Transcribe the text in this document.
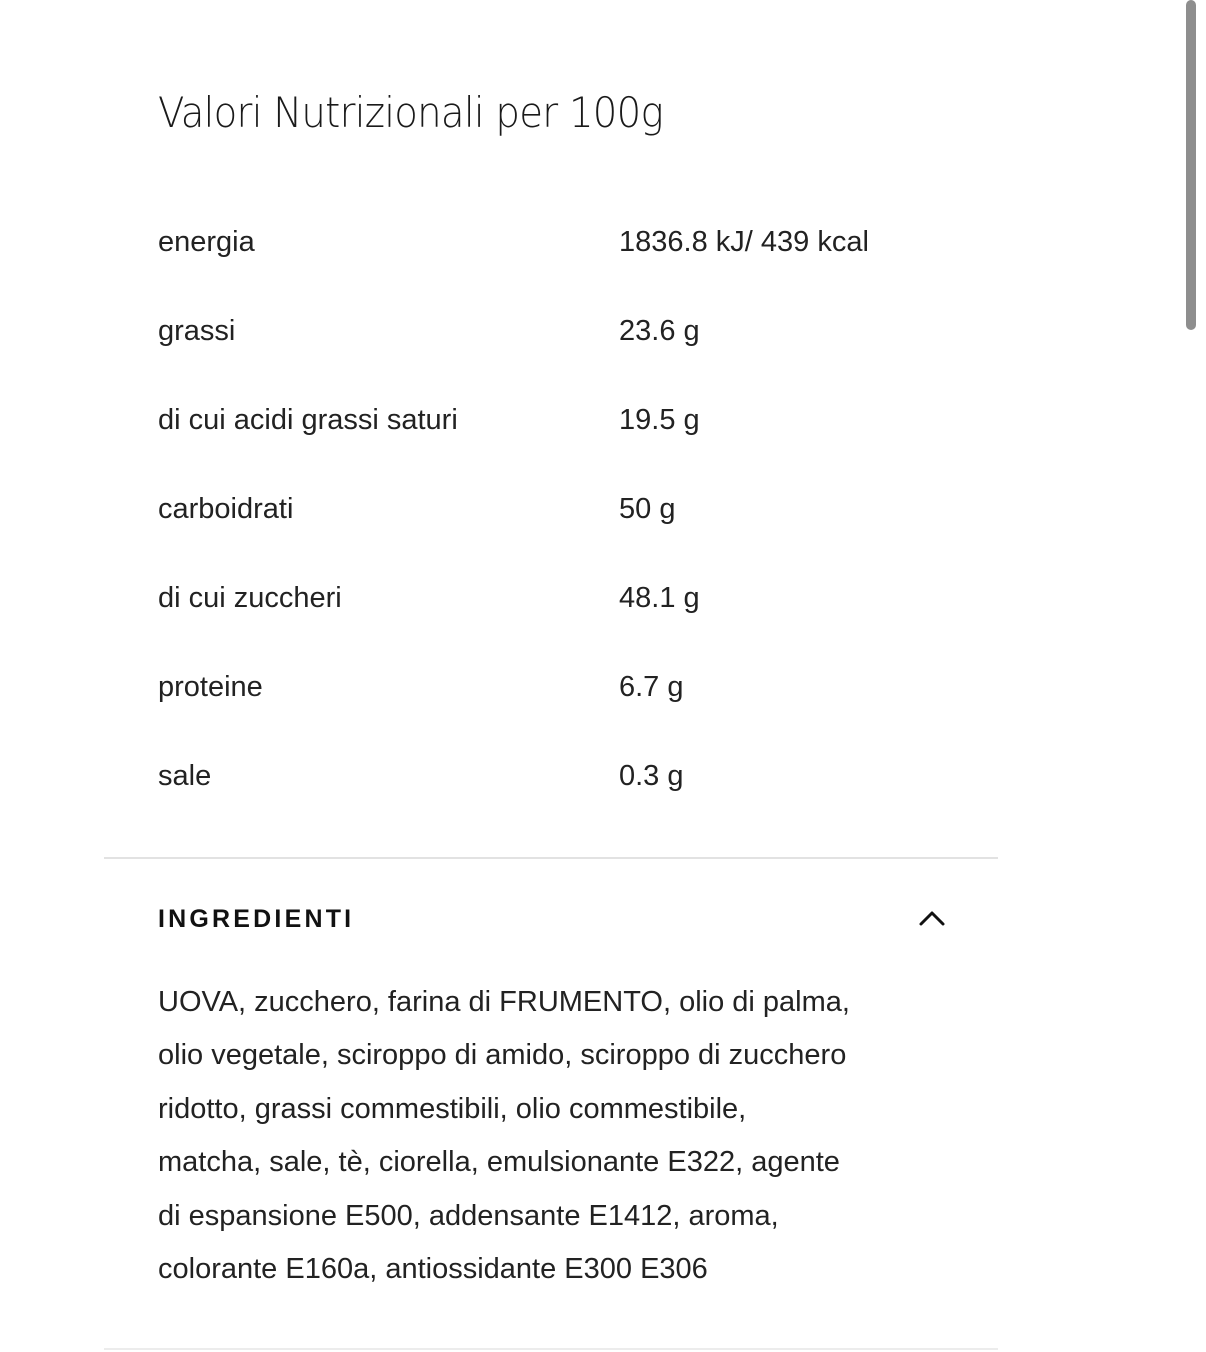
Valori Nutrizionali per 100g
energia	1836.8 kJ/ 439 kcal
grassi	23.6 g
di cui acidi grassi saturi	19.5 g
carboidrati	50 g
di cui zuccheri	48.1 g
proteine	6.7 g
sale	0.3 g
INGREDIENTI

UOVA, zucchero, farina di FRUMENTO, olio di palma,
olio vegetale, sciroppo di amido, sciroppo di zucchero
ridotto, grassi commestibili, olio commestibile,
matcha, sale, tè, ciorella, emulsionante E322, agente
di espansione E500, addensante E1412, aroma,
colorante E160a, antiossidante E300 E306
